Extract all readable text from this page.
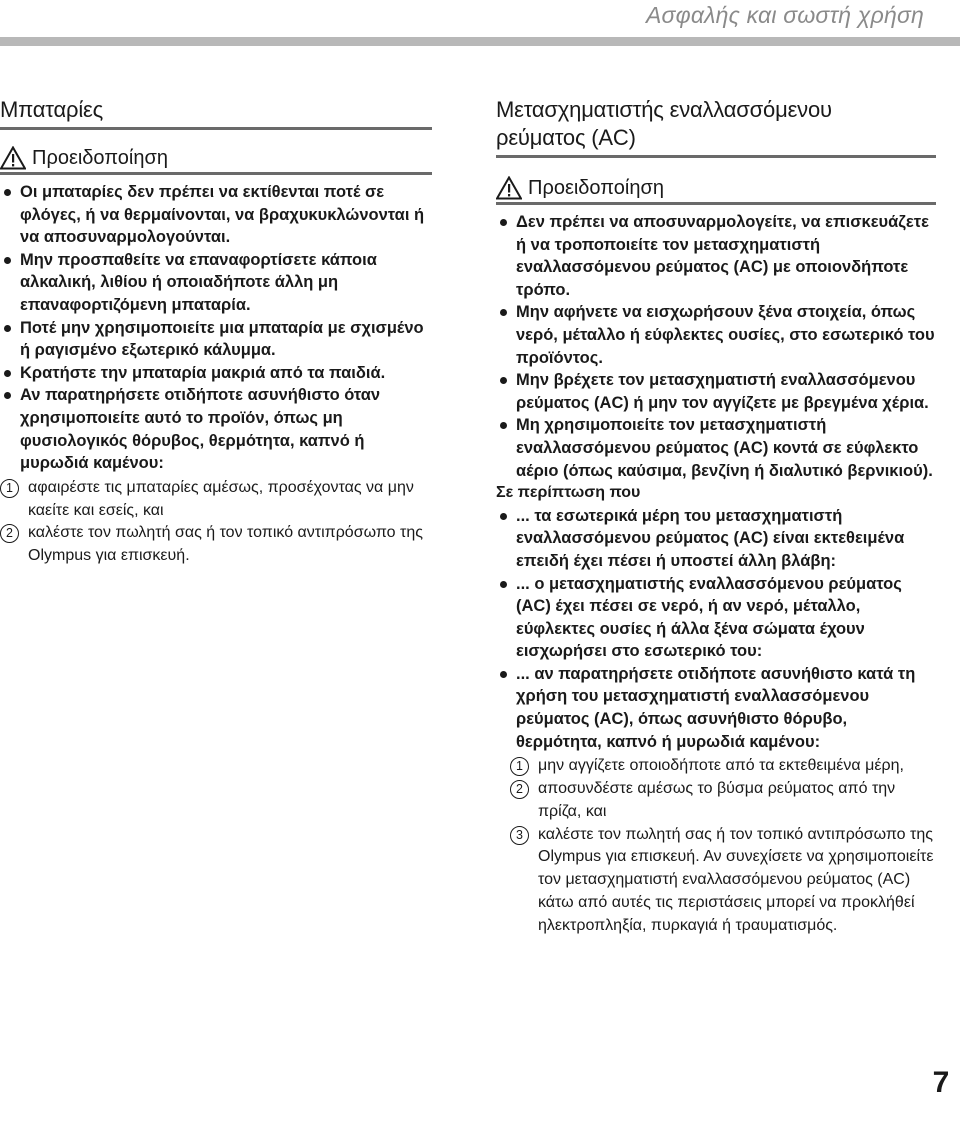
Ασφαλής και σωστή χρήση
Μπαταρίες
Προειδοποίηση
Οι μπαταρίες δεν πρέπει να εκτίθενται ποτέ σε φλόγες, ή να θερμαίνονται, να βραχυκυκλώνονται ή να αποσυναρμολογούνται.
Μην προσπαθείτε να επαναφορτίσετε κάποια αλκαλική, λιθίου ή οποιαδήποτε άλλη μη επαναφορτιζόμενη μπαταρία.
Ποτέ μην χρησιμοποιείτε μια μπαταρία με σχισμένο ή ραγισμένο εξωτερικό κάλυμμα.
Κρατήστε την μπαταρία μακριά από τα παιδιά.
Αν παρατηρήσετε οτιδήποτε ασυνήθιστο όταν χρησιμοποιείτε αυτό το προϊόν, όπως μη φυσιολογικός θόρυβος, θερμότητα, καπνό ή μυρωδιά καμένου:
1 αφαιρέστε τις μπαταρίες αμέσως, προσέχοντας να μην καείτε και εσείς, και
2 καλέστε τον πωλητή σας ή τον τοπικό αντιπρόσωπο της Olympus για επισκευή.
Μετασχηματιστής εναλλασσόμενου
ρεύματος (AC)
Προειδοποίηση
Δεν πρέπει να αποσυναρμολογείτε, να επισκευάζετε ή να τροποποιείτε τον μετασχηματιστή εναλλασσόμενου ρεύματος (AC) με οποιονδήποτε τρόπο.
Μην αφήνετε να εισχωρήσουν ξένα στοιχεία, όπως νερό, μέταλλο ή εύφλεκτες ουσίες, στο εσωτερικό του προϊόντος.
Μην βρέχετε τον μετασχηματιστή εναλλασσόμενου ρεύματος (AC) ή μην τον αγγίζετε με βρεγμένα χέρια.
Μη χρησιμοποιείτε τον μετασχηματιστή εναλλασσόμενου ρεύματος (AC) κοντά σε εύφλεκτο αέριο (όπως καύσιμα, βενζίνη ή διαλυτικό βερνικιού).
Σε περίπτωση που
... τα εσωτερικά μέρη του μετασχηματιστή εναλλασσόμενου ρεύματος (AC) είναι εκτεθειμένα επειδή έχει πέσει ή υποστεί άλλη βλάβη:
... ο μετασχηματιστής εναλλασσόμενου ρεύματος (AC) έχει πέσει σε νερό, ή αν νερό, μέταλλο, εύφλεκτες ουσίες ή άλλα ξένα σώματα έχουν εισχωρήσει στο εσωτερικό του:
... αν παρατηρήσετε οτιδήποτε ασυνήθιστο κατά τη χρήση του μετασχηματιστή εναλλασσόμενου ρεύματος (AC), όπως ασυνήθιστο θόρυβο, θερμότητα, καπνό ή μυρωδιά καμένου:
1 μην αγγίζετε οποιοδήποτε από τα εκτεθειμένα μέρη,
2 αποσυνδέστε αμέσως το βύσμα ρεύματος από την πρίζα, και
3 καλέστε τον πωλητή σας ή τον τοπικό αντιπρόσωπο της Olympus για επισκευή. Αν συνεχίσετε να χρησιμοποιείτε τον μετασχηματιστή εναλλασσόμενου ρεύματος (AC) κάτω από αυτές τις περιστάσεις μπορεί να προκλήθεί ηλεκτροπληξία, πυρκαγιά ή τραυματισμός.
7
